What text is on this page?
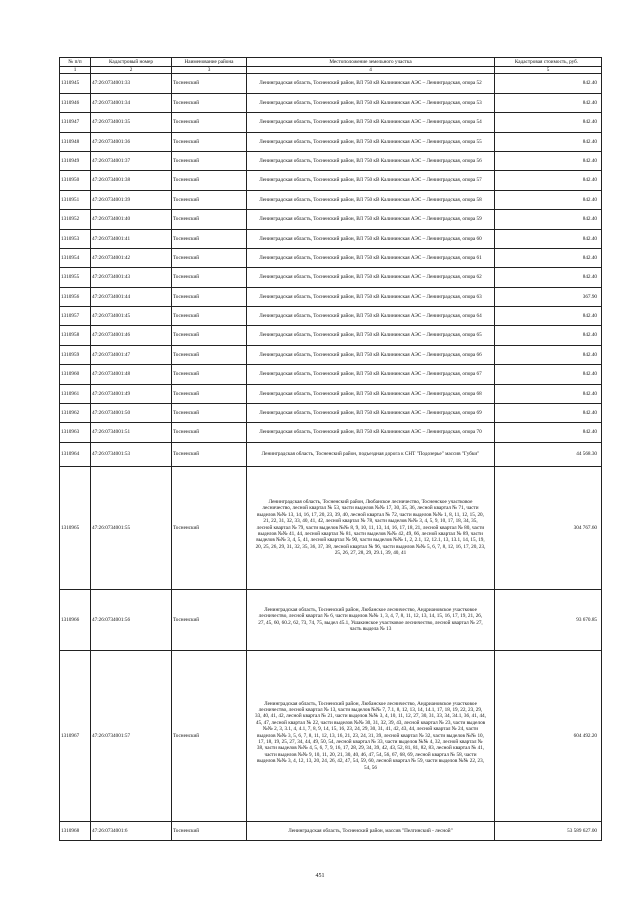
№ п/п	Кадастровый номер	Наименование района	Местоположение земельного участка	Кадастровая стоимость, руб.
1	2	3	4	5
1310945	47:26:0734001:33	Тосненский	Ленинградская область, Тосненский район, ВЛ 750 кВ Калининская АЭС – Ленинградская, опора 52	842.40
1310946	47:26:0734001:34	Тосненский	Ленинградская область, Тосненский район, ВЛ 750 кВ Калининская АЭС – Ленинградская, опора 53	842.40
1310947	47:26:0734001:35	Тосненский	Ленинградская область, Тосненский район, ВЛ 750 кВ Калининская АЭС – Ленинградская, опора 54	842.40
1310948	47:26:0734001:36	Тосненский	Ленинградская область, Тосненский район, ВЛ 750 кВ Калининская АЭС – Ленинградская, опора 55	842.40
1310949	47:26:0734001:37	Тосненский	Ленинградская область, Тосненский район, ВЛ 750 кВ Калининская АЭС – Ленинградская, опора 56	842.40
1310950	47:26:0734001:38	Тосненский	Ленинградская область, Тосненский район, ВЛ 750 кВ Калининская АЭС – Ленинградская, опора 57	842.40
1310951	47:26:0734001:39	Тосненский	Ленинградская область, Тосненский район, ВЛ 750 кВ Калининская АЭС – Ленинградская, опора 58	842.40
1310952	47:26:0734001:40	Тосненский	Ленинградская область, Тосненский район, ВЛ 750 кВ Калининская АЭС – Ленинградская, опора 59	842.40
1310953	47:26:0734001:41	Тосненский	Ленинградская область, Тосненский район, ВЛ 750 кВ Калининская АЭС – Ленинградская, опора 60	842.40
1310954	47:26:0734001:42	Тосненский	Ленинградская область, Тосненский район, ВЛ 750 кВ Калининская АЭС – Ленинградская, опора 61	842.40
1310955	47:26:0734001:43	Тосненский	Ленинградская область, Тосненский район, ВЛ 750 кВ Калининская АЭС – Ленинградская, опора 62	842.40
1310956	47:26:0734001:44	Тосненский	Ленинградская область, Тосненский район, ВЛ 750 кВ Калининская АЭС – Ленинградская, опора 63	367.90
1310957	47:26:0734001:45	Тосненский	Ленинградская область, Тосненский район, ВЛ 750 кВ Калининская АЭС – Ленинградская, опора 64	842.40
1310958	47:26:0734001:46	Тосненский	Ленинградская область, Тосненский район, ВЛ 750 кВ Калининская АЭС – Ленинградская, опора 65	842.40
1310959	47:26:0734001:47	Тосненский	Ленинградская область, Тосненский район, ВЛ 750 кВ Калининская АЭС – Ленинградская, опора 66	842.40
1310960	47:26:0734001:48	Тосненский	Ленинградская область, Тосненский район, ВЛ 750 кВ Калининская АЭС – Ленинградская, опора 67	842.40
1310961	47:26:0734001:49	Тосненский	Ленинградская область, Тосненский район, ВЛ 750 кВ Калининская АЭС – Ленинградская, опора 68	842.40
1310962	47:26:0734001:50	Тосненский	Ленинградская область, Тосненский район, ВЛ 750 кВ Калининская АЭС – Ленинградская, опора 69	842.40
1310963	47:26:0734001:51	Тосненский	Ленинградская область, Тосненский район, ВЛ 750 кВ Калининская АЭС – Ленинградская, опора 70	842.40
1310964	47:26:0734001:53	Тосненский	Ленинградская область, Тосненский район, подъездная дорога к СНТ "Подозерье" массив "Губки"	44 568.30
1310965	47:26:0734001:55	Тосненский	Ленинградская область, Тосненский район, Любанское лесничество, Тосненское участковое лесничество, лесной квартал № 53, части выделов №№ 17, 30, 35, 36, лесной квартал № 71, части выделов №№ 13, 14, 16, 17, 20, 23, 39, 40, лесной квартал № 72, части выделов №№ 1, 8, 11, 12, 15, 20, 21, 22, 31, 32, 33, 40, 41, 42, лесной квартал № 78, части выделов №№ 3, 4, 5, 9, 10, 17, 18, 34, 35, лесной квартал № 79, части выделов №№ 8, 9, 10, 11, 13, 14, 16, 17, 18, 21, лесной квартал № 80, части выделов №№ 41, 44, лесной квартал № 81, части выделов №№ 42, 49, 66, лесной квартал № 89, части выделов №№ 3, 4, 5, 41, лесной квартал № 90, части выделов №№ 1, 2, 2.1, 12, 12.1, 13, 13.1, 14, 15, 19, 20, 25, 26, 29, 31, 32, 35, 36, 37, 38, лесной квартал № 96, части выделов №№ 5, 6, 7, 8, 12, 16, 17, 20, 23, 25, 26, 27, 28, 29, 29.1, 39, 40, 41	304 767.60
1310966	47:26:0734001:56	Тосненский	Ленинградская область, Тосненский район, Любанское лесничество, Андриановское участковое лесничество, лесной квартал № 6, части выделов №№ 1, 3, 4, 7, 8, 11, 12, 13, 14, 15, 16, 17, 19, 21, 26, 27, 45, 60, 60.2, 62, 73, 74, 75, выдел 45.1, Ушакинское участковое лесничество, лесной квартал № 27, часть выдела № 13	93 670.85
1310967	47:26:0734001:57	Тосненский	Ленинградская область, Тосненский район, Любанское лесничество, Андриановское участковое лесничество, лесной квартал № 13, части выделов №№ 7, 7.1, 8, 12, 13, 14, 14.1, 17, 18, 19, 22, 23, 29, 33, 40, 41, 42, лесной квартал № 21, части выделов №№ 3, 4, 10, 11, 12, 27, 30, 31, 33, 34, 34.1, 36, 41, 44, 45, 47, лесной квартал № 22, части выделов №№ 30, 31, 32, 39, 43, лесной квартал № 23, части выделов №№ 2, 3, 3.1, 4, 4.1, 7, 8, 9, 14, 15, 16, 23, 24, 29, 30, 31, 41, 42, 43, 44, лесной квартал № 24, части выделов №№ 3, 5, 6, 7, 8, 11, 12, 13, 16, 21, 23, 24, 31, 39, лесной квартал № 32, части выделов №№ 10, 17, 18, 19, 25, 27, 34, 44, 49, 50, 54, лесной квартал № 33, части выделов №№ 4, 32, лесной квартал № 38, части выделов №№ 4, 5, 6, 7, 9, 16, 17, 28, 29, 34, 39, 42, 43, 52, 81, 81, 82, 83, лесной квартал № 41, части выделов №№ 9, 10, 11, 20, 21, 30, 40, 46, 47, 54, 56, 67, 68, 69, лесной квартал № 58, части выделов №№ 3, 4, 12, 13, 20, 24, 26, 42, 47, 54, 59, 60, лесной квартал № 59, части выделов №№ 22, 23, 54, 56	604 492.20
1310968	47:26:0734001:6	Тосненский	Ленинградская область, Тосненский район, массив "Пелгинский - лесной"	53 589 627.00
451
